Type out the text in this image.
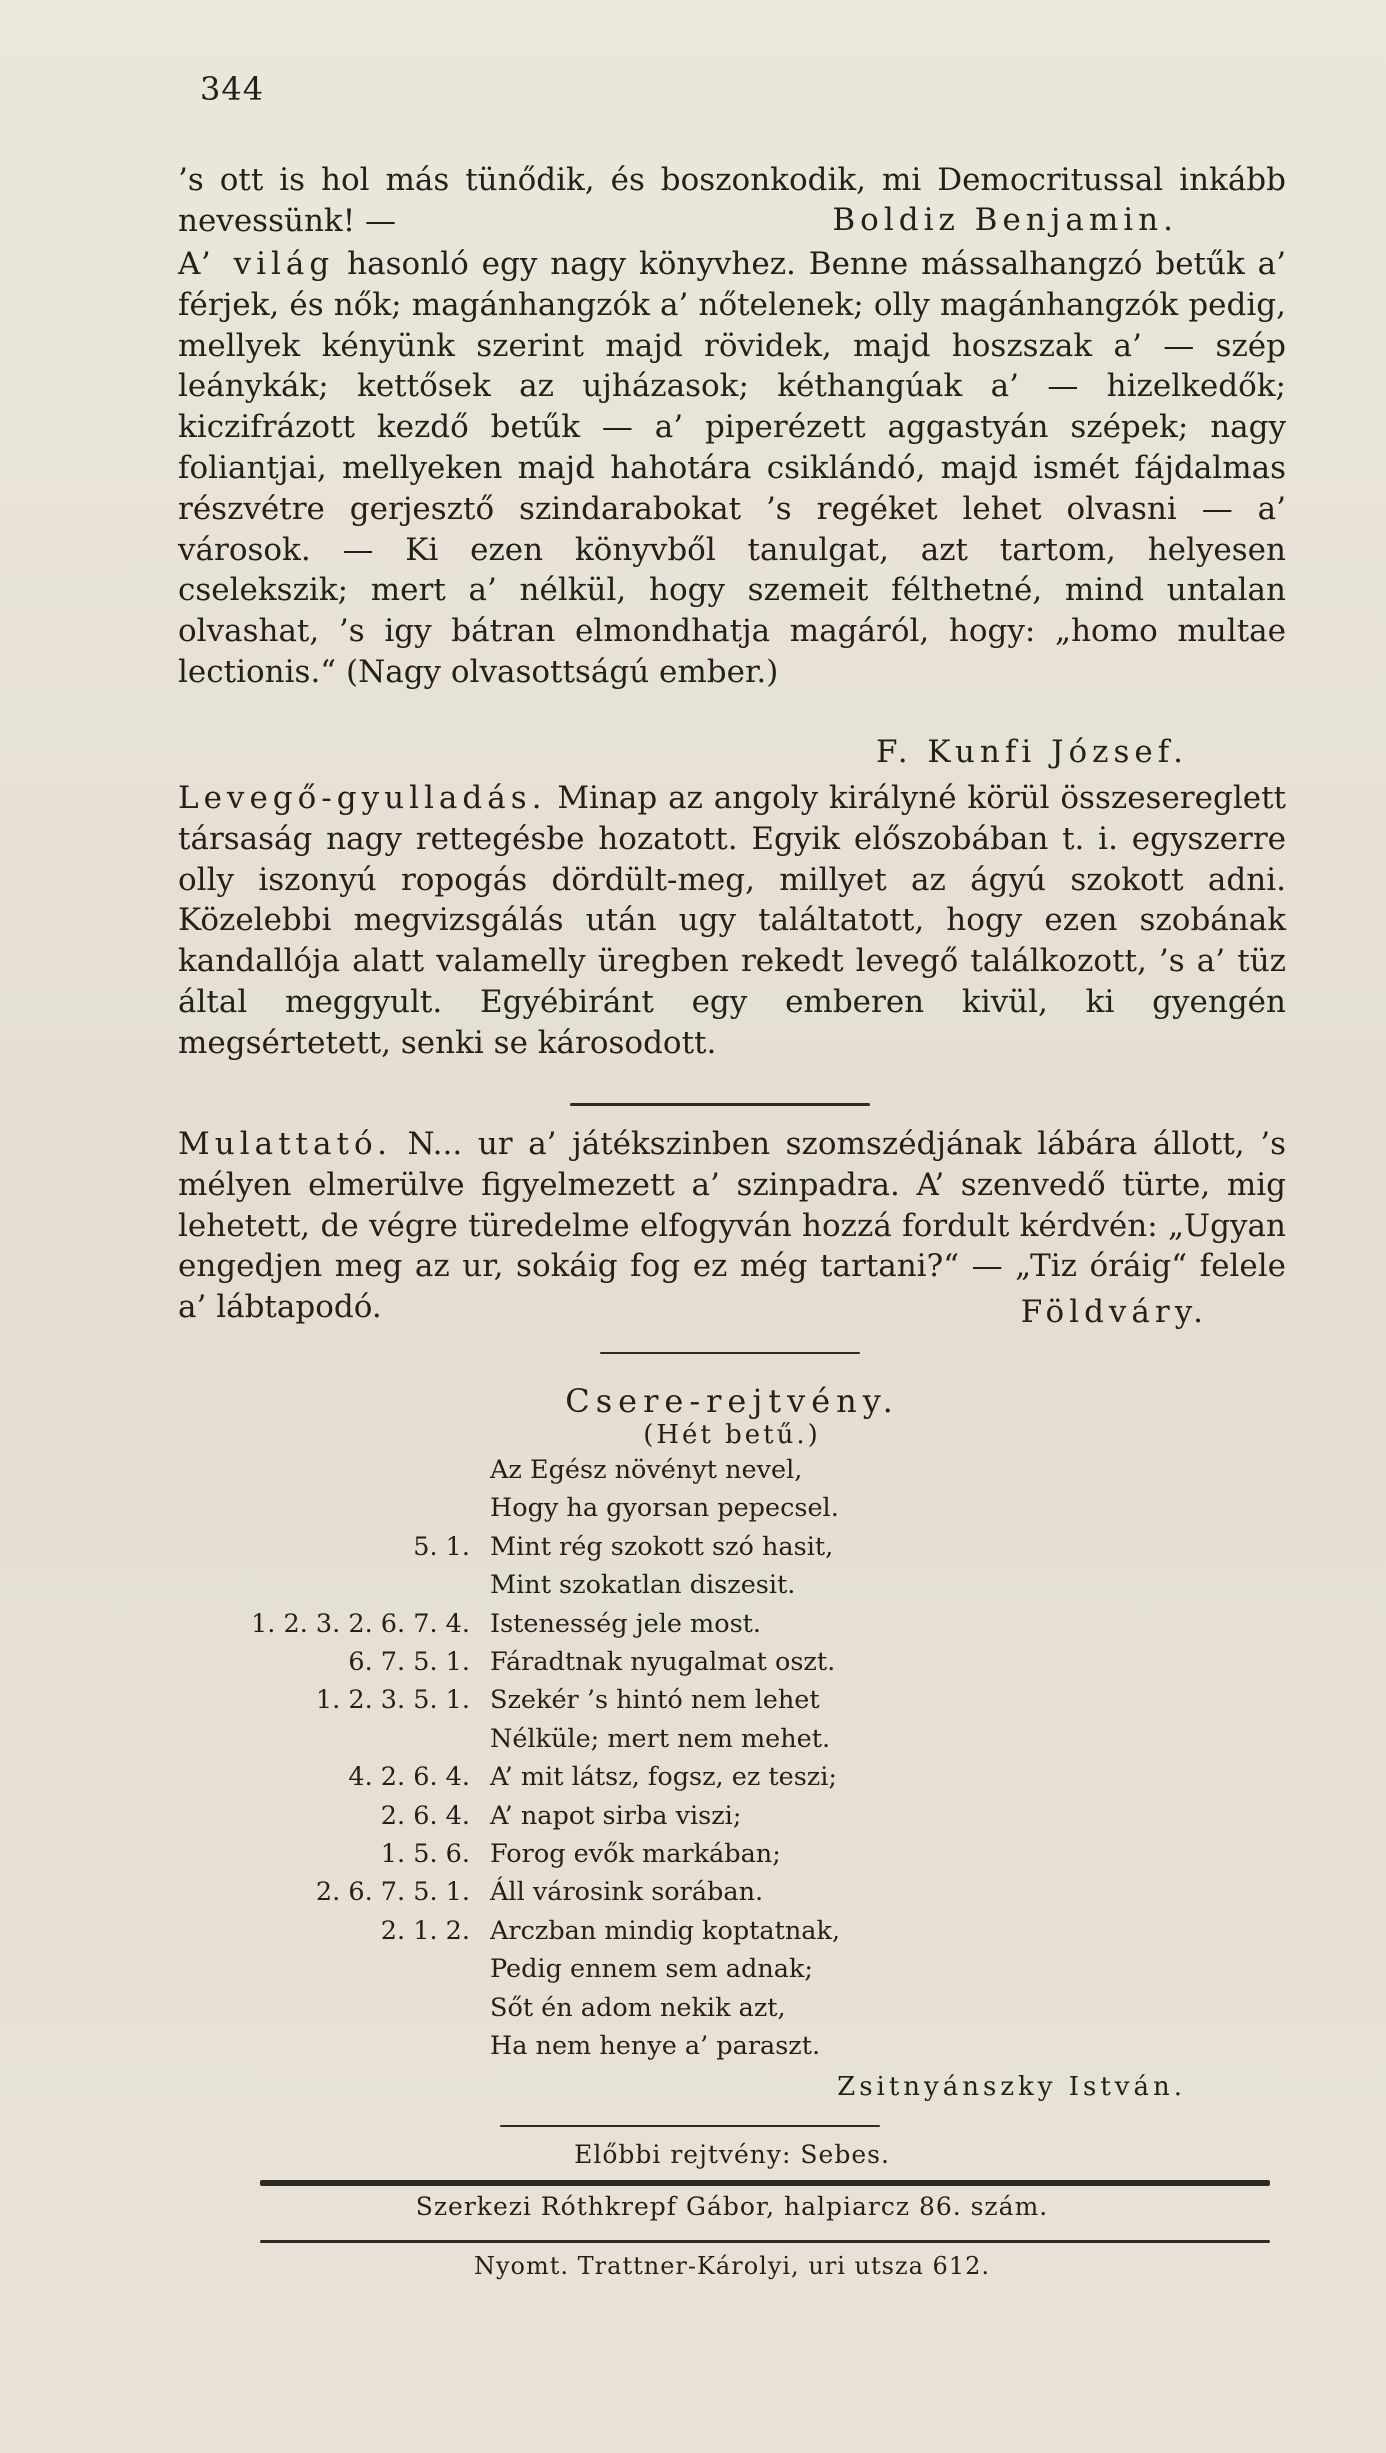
344
’s ott is hol más tünődik, és boszonkodik, mi Democritussal inkább nevessünk! —	Boldiz Benjamin.
A’ világ hasonló egy nagy könyvhez. Benne mássalhangzó betűk a’ férjek, és nők; magánhangzók a’ nőtelenek; olly magánhangzók pedig, mellyek kényünk szerint majd rövidek, majd hoszszak a’ — szép leánykák; kettősek az ujházasok; kéthangúak a’ — hizelkedők; kiczifrázott kezdő betűk — a’ piperézett aggastyán szépek; nagy foliantjai, mellyeken majd hahotára csiklándó, majd ismét fájdalmas részvétre gerjesztő szindarabokat ’s regéket lehet olvasni — a’ városok. — Ki ezen könyvből tanulgat, azt tartom, helyesen cselekszik; mert a’ nélkül, hogy szemeit félthetné, mind untalan olvashat, ’s igy bátran elmondhatja magáról, hogy: „homo multae lectionis.“ (Nagy olvasottságú ember.)
F. Kunfi József.
Levegő-gyulladás. Minap az angoly királyné körül összesereglett társaság nagy rettegésbe hozatott. Egyik előszobában t. i. egyszerre olly iszonyú ropogás dördült-meg, millyet az ágyú szokott adni. Közelebbi megvizsgálás után ugy találtatott, hogy ezen szobának kandallója alatt valamelly üregben rekedt levegő találkozott, ’s a’ tüz által meggyult. Egyébiránt egy emberen kivül, ki gyengén megsértetett, senki se károsodott.
Mulattató. N... ur a’ játékszinben szomszédjának lábára állott, ’s mélyen elmerülve figyelmezett a’ szinpadra. A’ szenvedő türte, mig lehetett, de végre türedelme elfogyván hozzá fordult kérdvén: „Ugyan engedjen meg az ur, sokáig fog ez még tartani?“ — „Tiz óráig“ felele a’ lábtapodó.	Földváry.
Csere-rejtvény.
(Hét betű.)
Az Egész növényt nevel,
Hogy ha gyorsan pepecsel.
5. 1. Mint rég szokott szó hasit,
Mint szokatlan diszesit.
1. 2. 3. 2. 6. 7. 4. Istenesség jele most.
6. 7. 5. 1. Fáradtnak nyugalmat oszt.
1. 2. 3. 5. 1. Szekér ’s hintó nem lehet
Nélküle; mert nem mehet.
4. 2. 6. 4. A’ mit látsz, fogsz, ez teszi;
2. 6. 4. A’ napot sirba viszi;
1. 5. 6. Forog evők markában;
2. 6. 7. 5. 1. Áll városink sorában.
2. 1. 2. Arczban mindig koptatnak,
Pedig ennem sem adnak;
Sőt én adom nekik azt,
Ha nem henye a’ paraszt.
Zsitnyánszky István.
Előbbi rejtvény: Sebes.
Szerkezi Róthkrepf Gábor, halpiarcz 86. szám.
Nyomt. Trattner-Károlyi, uri utsza 612.
